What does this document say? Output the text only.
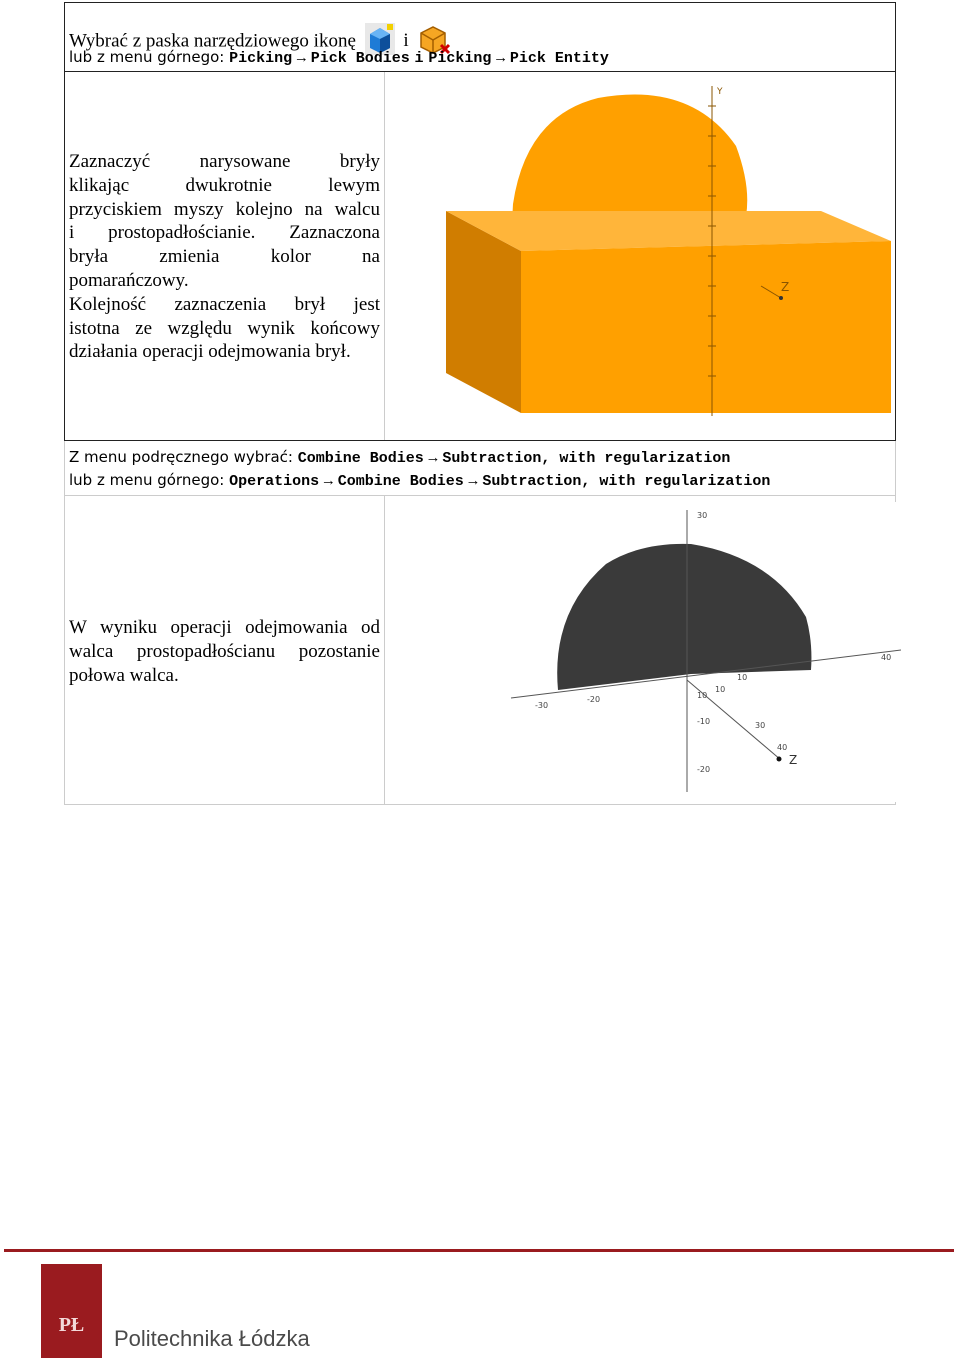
Wybrać z paska narzędziowego ikonę	i
lub z menu górnego: Picking → Pick Bodies i Picking → Pick Entity
Zaznaczyć narysowane bryły
klikając dwukrotnie lewym
przyciskiem myszy kolejno na walcu
i prostopadłościanie. Zaznaczona
bryła zmienia kolor na
pomarańczowy.
Kolejność zaznaczenia brył jest
istotna ze względu wynik końcowy
działania operacji odejmowania brył.
Y
Z
Z menu podręcznego wybrać: Combine Bodies → Subtraction, with regularization
lub z menu górnego: Operations → Combine Bodies → Subtraction, with regularization
W wyniku operacji odejmowania od
walca prostopadłościanu pozostanie
połowa walca.
30
10
-10
-20
-30
-20
10
40
10
30
40
Z
PŁ
Politechnika Łódzka
